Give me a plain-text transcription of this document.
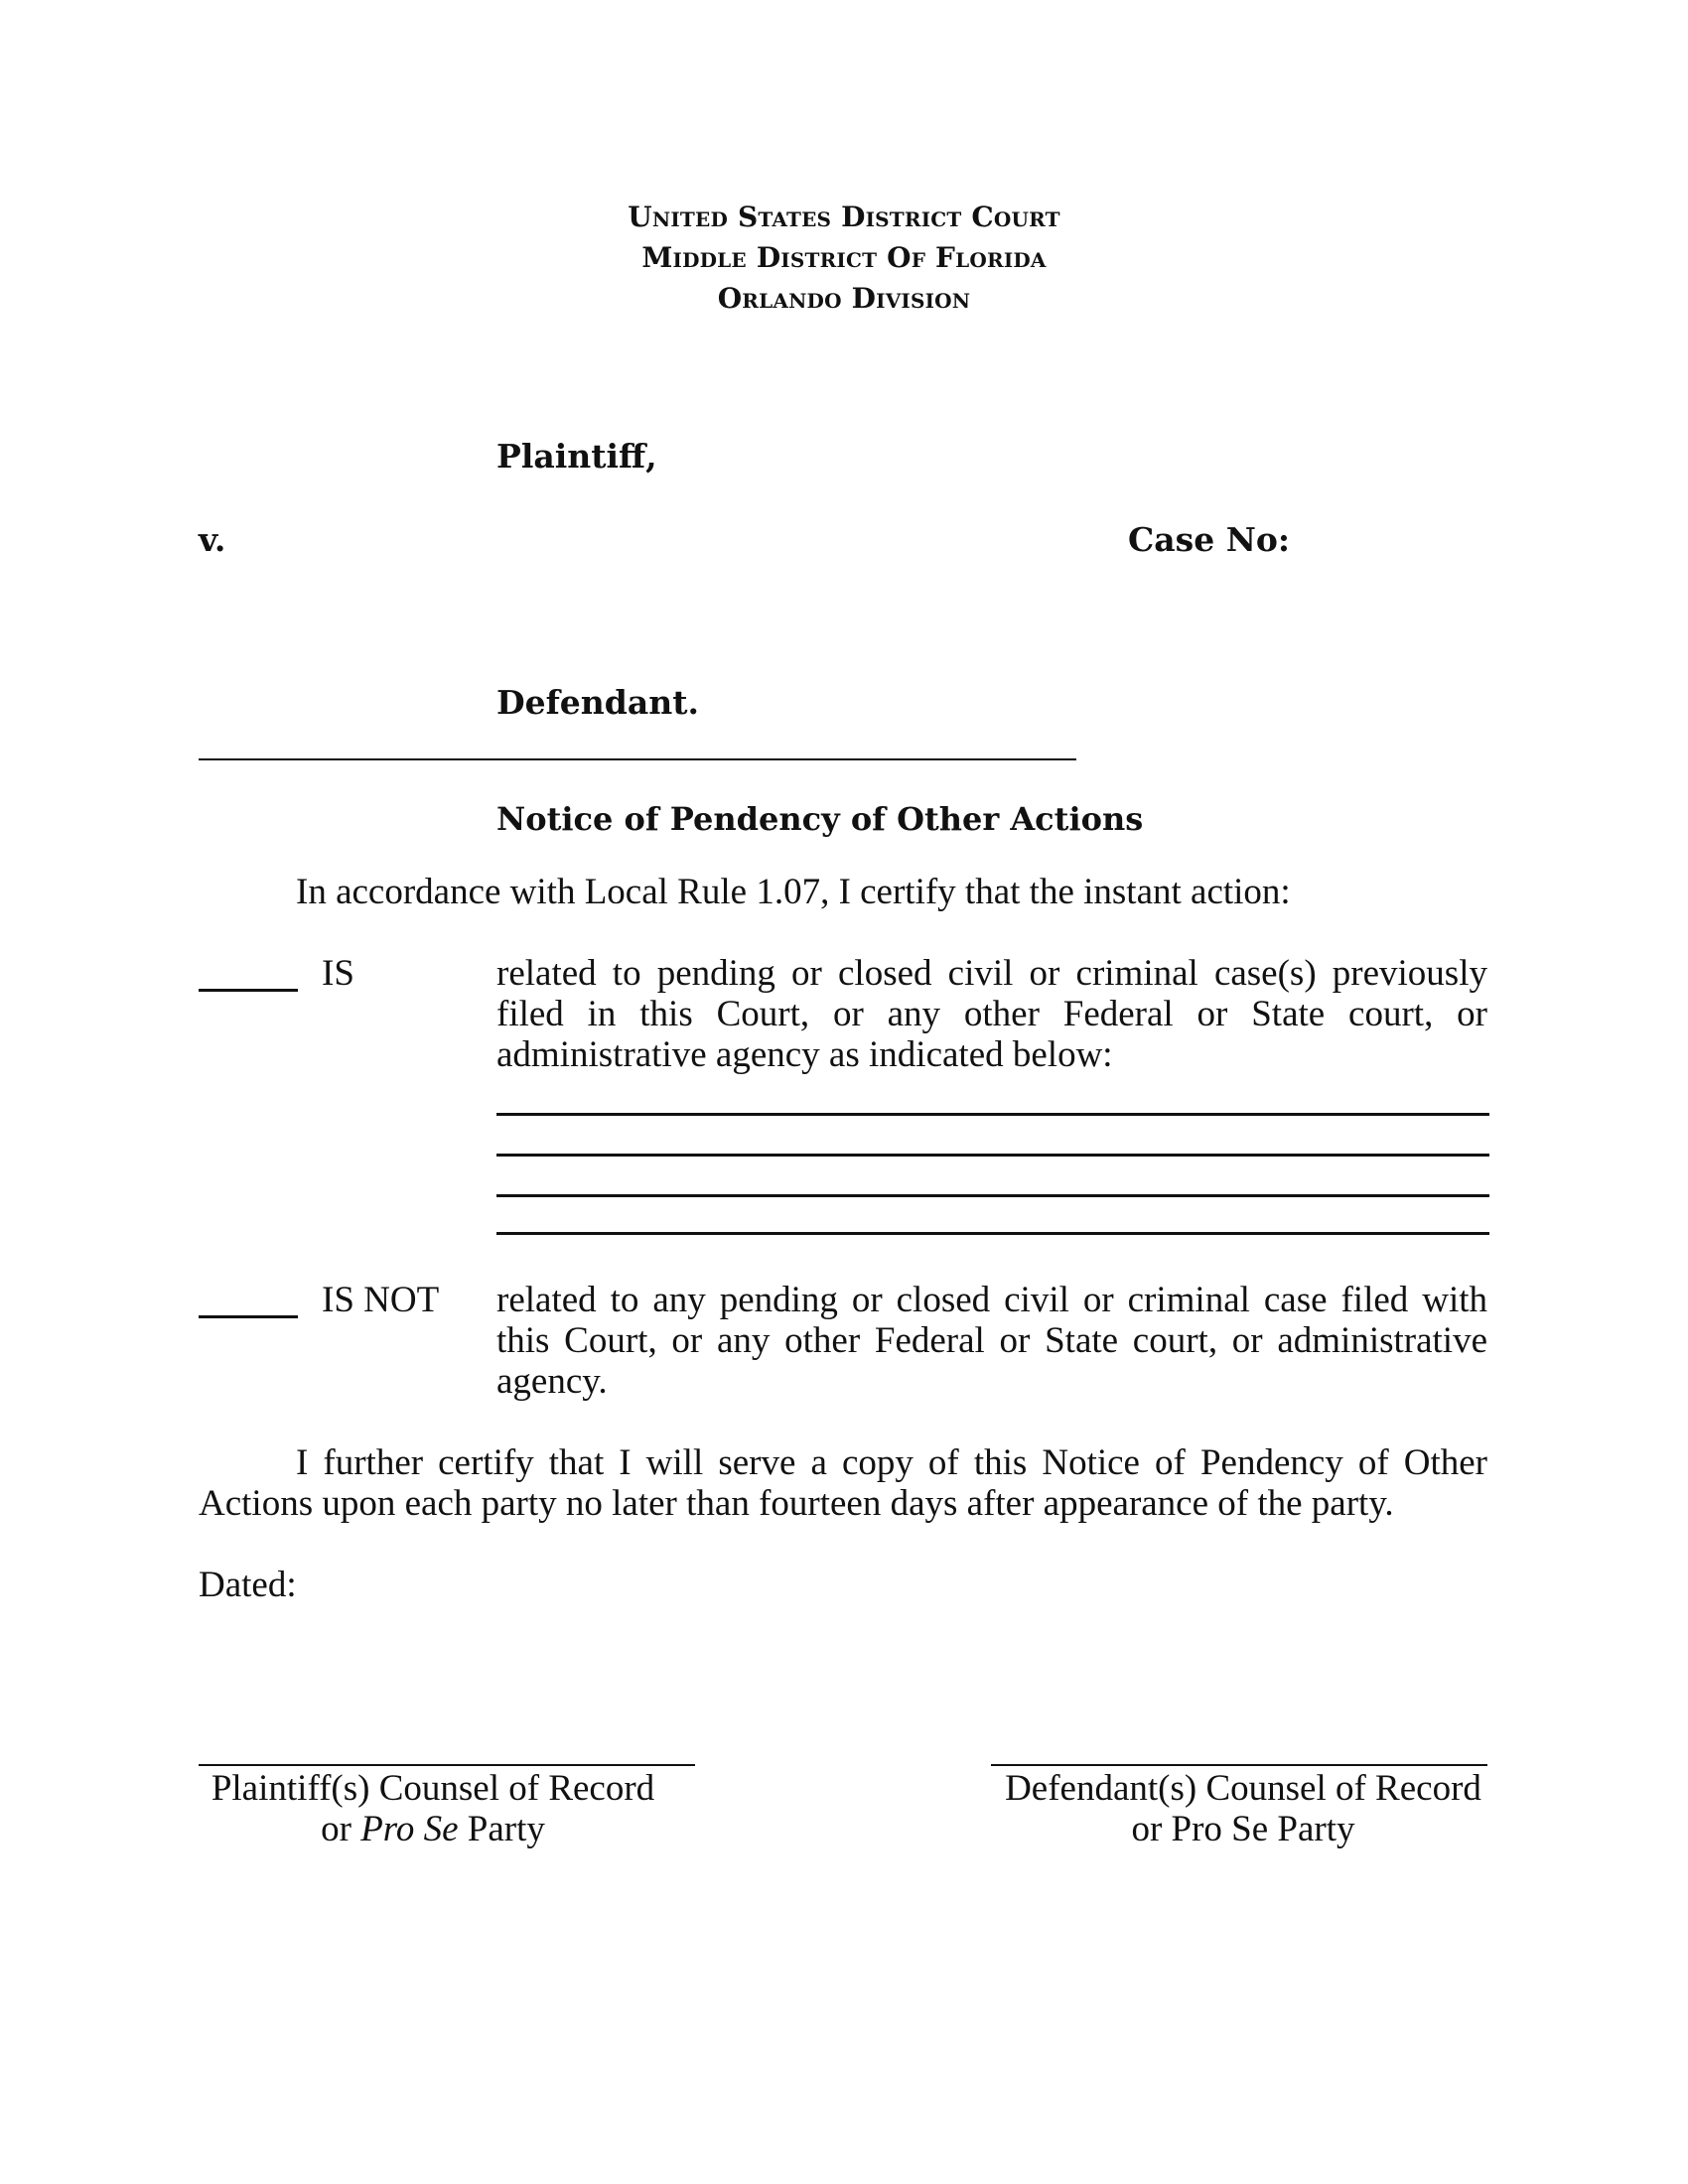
United States District Court
Middle District Of Florida
Orlando Division
Plaintiff,
v.	Case No:
Defendant.
Notice of Pendency of Other Actions
In accordance with Local Rule 1.07, I certify that the instant action:
IS	related to pending or closed civil or criminal case(s) previously filed in this Court, or any other Federal or State court, or administrative agency as indicated below:
IS NOT related to any pending or closed civil or criminal case filed with this Court, or any other Federal or State court, or administrative agency.
I further certify that I will serve a copy of this Notice of Pendency of Other Actions upon each party no later than fourteen days after appearance of the party.
Dated:
Plaintiff(s) Counsel of Record
or Pro Se Party
Defendant(s) Counsel of Record
or Pro Se Party
